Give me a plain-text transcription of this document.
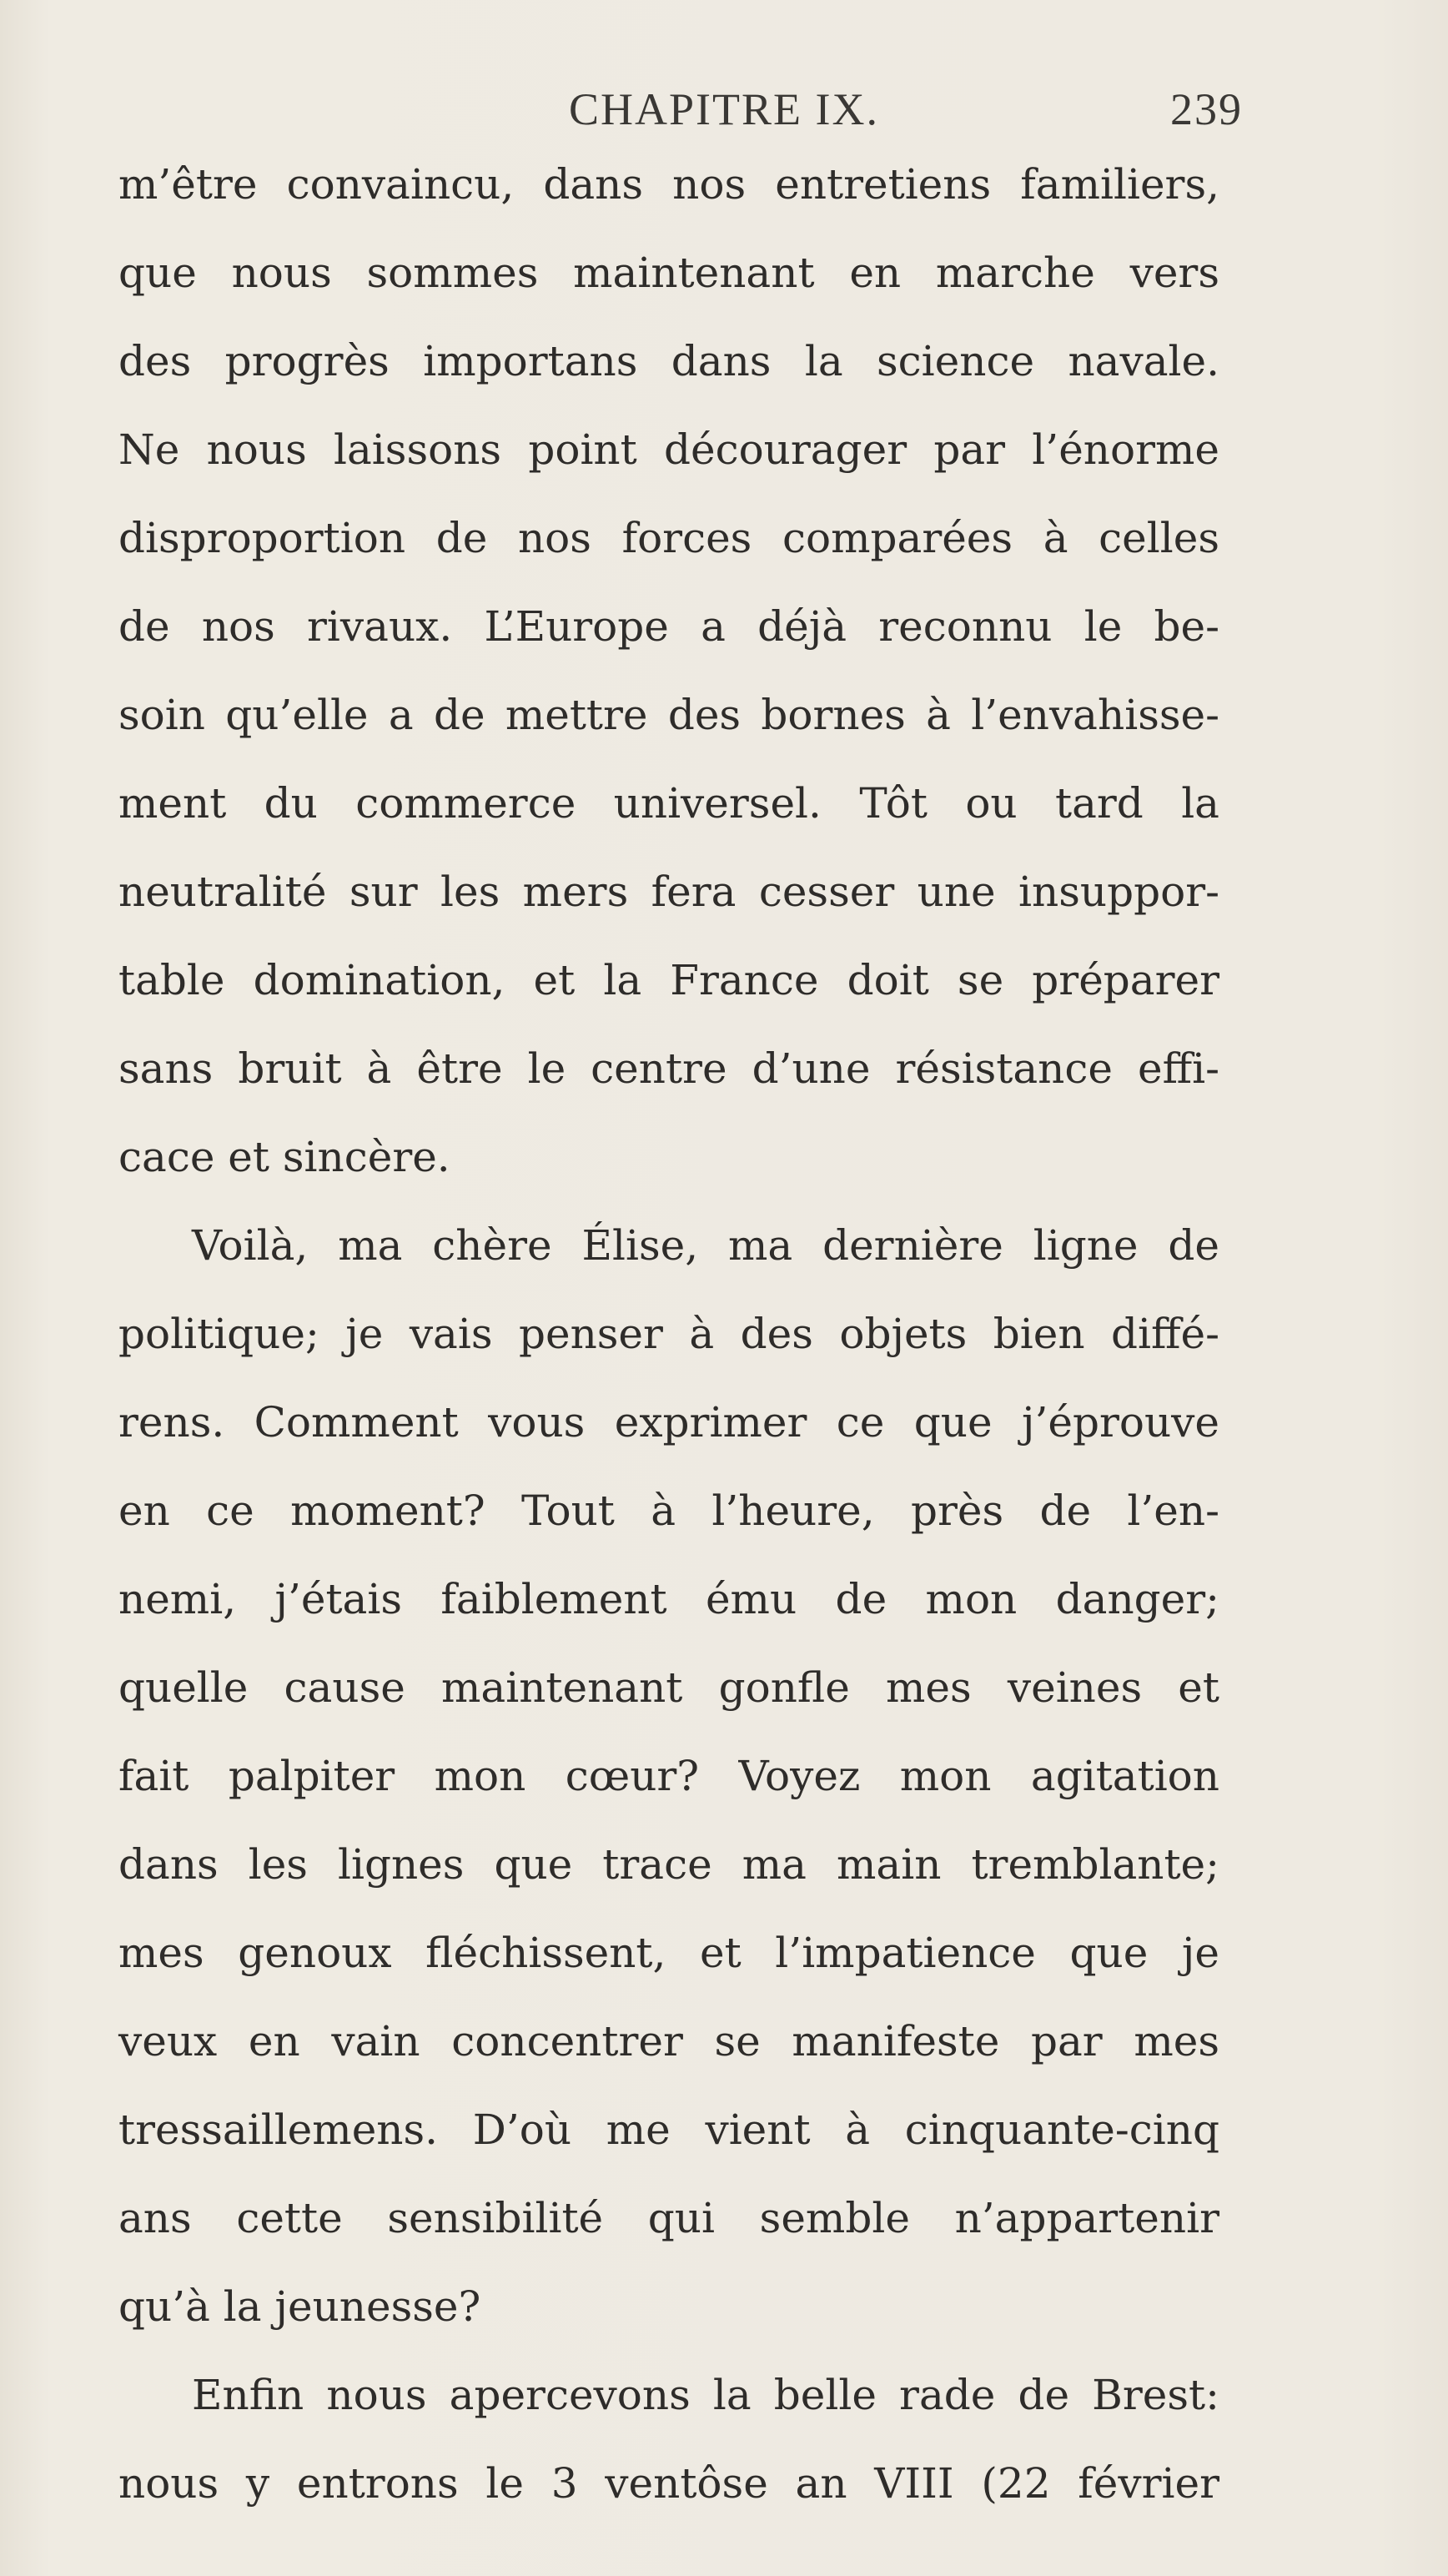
CHAPITRE IX.	239
m’être convaincu, dans nos entretiens familiers,
que nous sommes maintenant en marche vers
des progrès importans dans la science navale.
Ne nous laissons point décourager par l’énorme
disproportion de nos forces comparées à celles
de nos rivaux. L’Europe a déjà reconnu le be-
soin qu’elle a de mettre des bornes à l’envahisse-
ment du commerce universel. Tôt ou tard la
neutralité sur les mers fera cesser une insuppor-
table domination, et la France doit se préparer
sans bruit à être le centre d’une résistance effi-
cace et sincère.
Voilà, ma chère Élise, ma dernière ligne de
politique; je vais penser à des objets bien diffé-
rens. Comment vous exprimer ce que j’éprouve
en ce moment? Tout à l’heure, près de l’en-
nemi, j’étais faiblement ému de mon danger;
quelle cause maintenant gonfle mes veines et
fait palpiter mon cœur? Voyez mon agitation
dans les lignes que trace ma main tremblante;
mes genoux fléchissent, et l’impatience que je
veux en vain concentrer se manifeste par mes
tressaillemens. D’où me vient à cinquante-cinq
ans cette sensibilité qui semble n’appartenir
qu’à la jeunesse?
Enfin nous apercevons la belle rade de Brest:
nous y entrons le 3 ventôse an VIII (22 février
